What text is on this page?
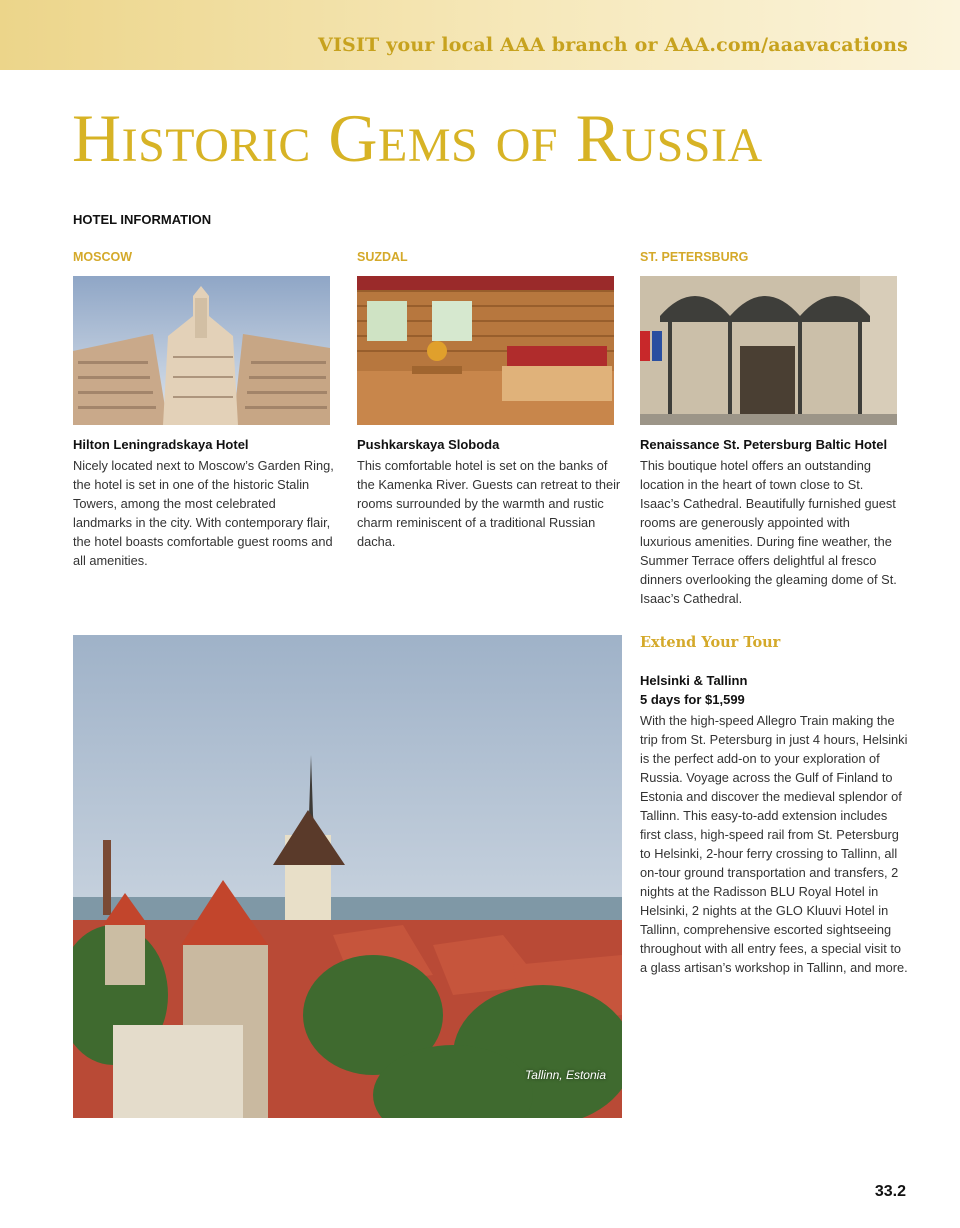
VISIT your local AAA branch or AAA.com/aaavacations
Historic Gems of Russia
HOTEL INFORMATION
MOSCOW
Hilton Leningradskaya Hotel
Nicely located next to Moscow’s Garden Ring, the hotel is set in one of the historic Stalin Towers, among the most celebrated landmarks in the city. With contemporary flair, the hotel boasts comfortable guest rooms and all amenities.
SUZDAL
Pushkarskaya Sloboda
This comfortable hotel is set on the banks of the Kamenka River. Guests can retreat to their rooms surrounded by the warmth and rustic charm reminiscent of a traditional Russian dacha.
ST. PETERSBURG
Renaissance St. Petersburg Baltic Hotel
This boutique hotel offers an outstanding location in the heart of town close to St. Isaac’s Cathedral. Beautifully furnished guest rooms are generously appointed with luxurious amenities. During fine weather, the Summer Terrace offers delightful al fresco dinners overlooking the gleaming dome of St. Isaac’s Cathedral.
Tallinn, Estonia
Extend Your Tour
Helsinki & Tallinn
5 days for $1,599
With the high-speed Allegro Train making the trip from St. Petersburg in just 4 hours, Helsinki is the perfect add-on to your exploration of Russia. Voyage across the Gulf of Finland to Estonia and discover the medieval splendor of Tallinn. This easy-to-add extension includes first class, high-speed rail from St. Petersburg to Helsinki, 2-hour ferry crossing to Tallinn, all on-tour ground transportation and transfers, 2 nights at the Radisson BLU Royal Hotel in Helsinki, 2 nights at the GLO Kluuvi Hotel in Tallinn, comprehensive escorted sightseeing throughout with all entry fees, a special visit to a glass artisan’s workshop in Tallinn, and more.
33.2
